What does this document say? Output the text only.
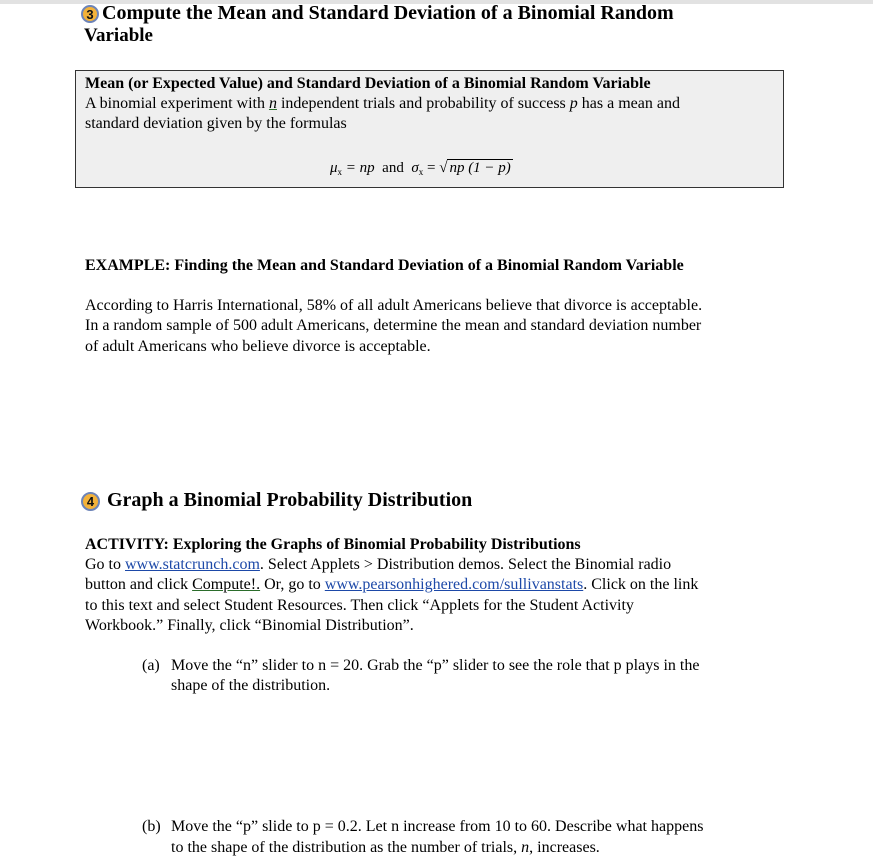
3 Compute the Mean and Standard Deviation of a Binomial Random
Variable
Mean (or Expected Value) and Standard Deviation of a Binomial Random Variable
A binomial experiment with n independent trials and probability of success p has a mean and
standard deviation given by the formulas
$\mu_x$ = np and $\sigma_x$ = √ np (1 − p)
EXAMPLE: Finding the Mean and Standard Deviation of a Binomial Random Variable
According to Harris International, 58% of all adult Americans believe that divorce is acceptable.
In a random sample of 500 adult Americans, determine the mean and standard deviation number
of adult Americans who believe divorce is acceptable.
4 Graph a Binomial Probability Distribution
ACTIVITY: Exploring the Graphs of Binomial Probability Distributions
Go to www.statcrunch.com. Select Applets > Distribution demos. Select the Binomial radio
button and click Compute!. Or, go to www.pearsonhighered.com/sullivanstats. Click on the link
to this text and select Student Resources. Then click “Applets for the Student Activity
Workbook.” Finally, click “Binomial Distribution”.
(a) Move the “n” slider to n = 20. Grab the “p” slider to see the role that p plays in the
shape of the distribution.
(b) Move the “p” slide to p = 0.2. Let n increase from 10 to 60. Describe what happens
to the shape of the distribution as the number of trials, n, increases.
